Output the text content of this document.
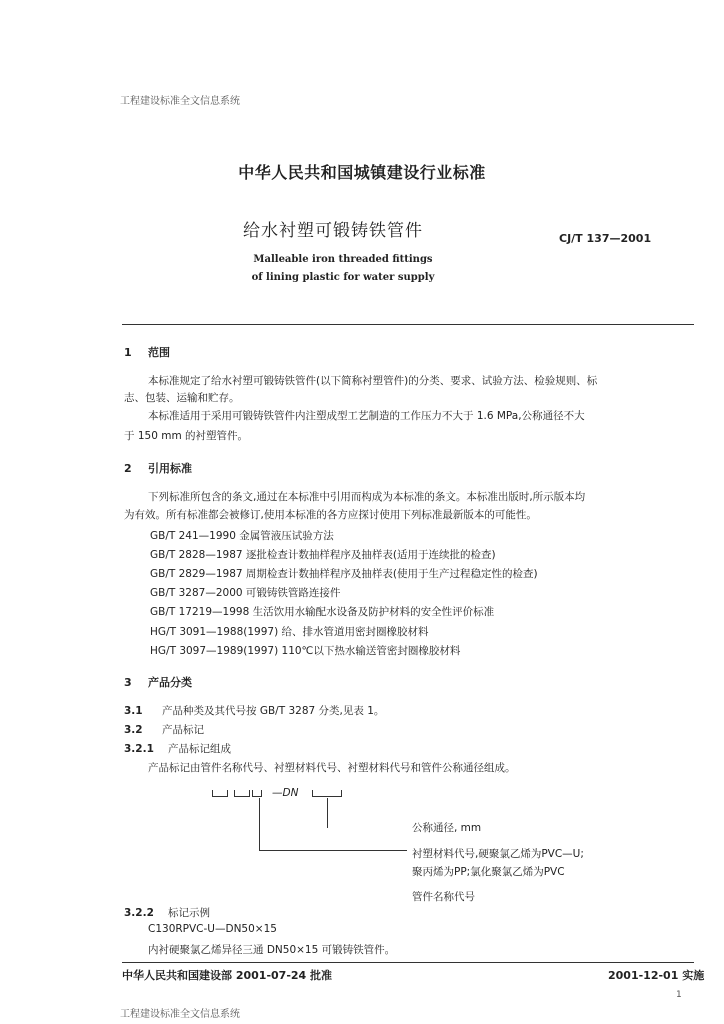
工程建设标准全文信息系统
中华人民共和国城镇建设行业标准
给水衬塑可锻铸铁管件	CJ/T 137—2001
Malleable iron threaded fittings
of lining plastic for water supply
1 范围
本标准规定了给水衬塑可锻铸铁管件(以下简称衬塑管件)的分类、要求、试验方法、检验规则、标
志、包装、运输和贮存。
本标准适用于采用可锻铸铁管件内注塑成型工艺制造的工作压力不大于 1.6 MPa,公称通径不大
于 150 mm 的衬塑管件。
2 引用标准
下列标准所包含的条文,通过在本标准中引用而构成为本标准的条文。本标准出版时,所示版本均
为有效。所有标准都会被修订,使用本标准的各方应探讨使用下列标准最新版本的可能性。
GB/T 241—1990 金属管液压试验方法
GB/T 2828—1987 逐批检查计数抽样程序及抽样表(适用于连续批的检查)
GB/T 2829—1987 周期检查计数抽样程序及抽样表(使用于生产过程稳定性的检查)
GB/T 3287—2000 可锻铸铁管路连接件
GB/T 17219—1998 生活饮用水输配水设备及防护材料的安全性评价标准
HG/T 3091—1988(1997) 给、排水管道用密封圈橡胶材料
HG/T 3097—1989(1997) 110℃以下热水输送管密封圈橡胶材料
3 产品分类
3.1 产品种类及其代号按 GB/T 3287 分类,见表 1。
3.2 产品标记
3.2.1 产品标记组成
产品标记由管件名称代号、衬塑材料代号、衬塑材料代号和管件公称通径组成。
—DN
公称通径, mm
衬塑材料代号,硬聚氯乙烯为PVC—U;
聚丙烯为PP;氯化聚氯乙烯为PVC
管件名称代号
3.2.2 标记示例
C130RPVC-U—DN50×15
内衬硬聚氯乙烯异径三通 DN50×15 可锻铸铁管件。
中华人民共和国建设部 2001-07-24 批准	2001-12-01 实施
1
工程建设标准全文信息系统
